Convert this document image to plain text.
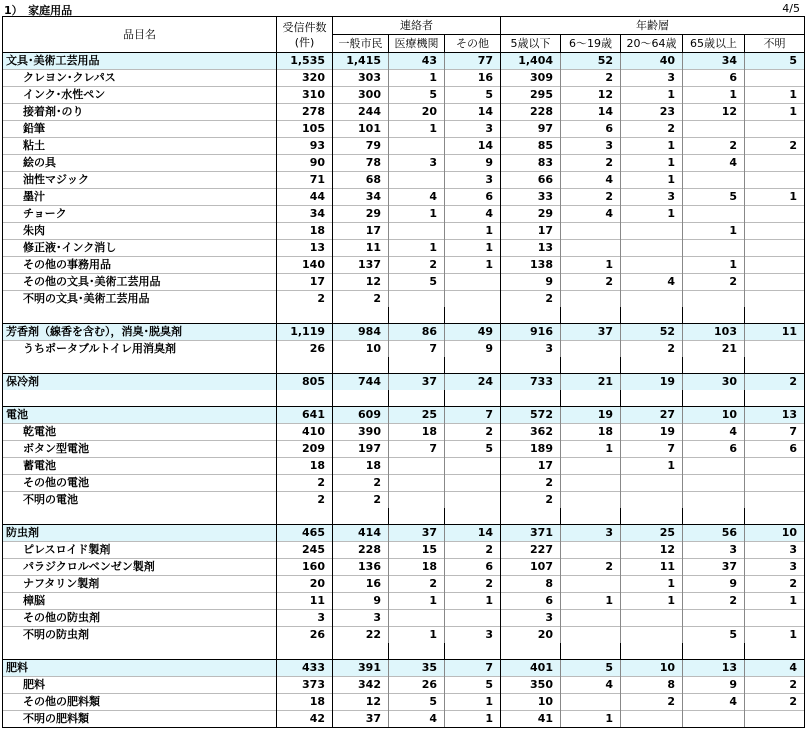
1）　家庭用品	4/5
品目名	受信件数
(件)	連絡者			年齢層				
		一般市民	医療機関	その他	5歳以下	6～19歳	20～64歳	65歳以上	不明
文具･美術工芸用品	1,535	1,415	43	77	1,404	52	40	34	5
クレヨン･クレパス	320	303	1	16	309	2	3	6	
インク･水性ペン	310	300	5	5	295	12	1	1	1
接着剤･のり	278	244	20	14	228	14	23	12	1
鉛筆	105	101	1	3	97	6	2		
粘土	93	79		14	85	3	1	2	2
絵の具	90	78	3	9	83	2	1	4	
油性マジック	71	68		3	66	4	1		
墨汁	44	34	4	6	33	2	3	5	1
チョーク	34	29	1	4	29	4	1		
朱肉	18	17		1	17			1	
修正液･インク消し	13	11	1	1	13				
その他の事務用品	140	137	2	1	138	1		1	
その他の文具･美術工芸用品	17	12	5		9	2	4	2	
不明の文具･美術工芸用品	2	2			2				

芳香剤（線香を含む），消臭･脱臭剤	1,119	984	86	49	916	37	52	103	11
うちポータブルトイレ用消臭剤	26	10	7	9	3		2	21	

保冷剤	805	744	37	24	733	21	19	30	2

電池	641	609	25	7	572	19	27	10	13
乾電池	410	390	18	2	362	18	19	4	7
ボタン型電池	209	197	7	5	189	1	7	6	6
蓄電池	18	18			17		1		
その他の電池	2	2			2				
不明の電池	2	2			2				

防虫剤	465	414	37	14	371	3	25	56	10
ピレスロイド製剤	245	228	15	2	227		12	3	3
パラジクロルベンゼン製剤	160	136	18	6	107	2	11	37	3
ナフタリン製剤	20	16	2	2	8		1	9	2
樟脳	11	9	1	1	6	1	1	2	1
その他の防虫剤	3	3			3				
不明の防虫剤	26	22	1	3	20			5	1

肥料	433	391	35	7	401	5	10	13	4
肥料	373	342	26	5	350	4	8	9	2
その他の肥料類	18	12	5	1	10		2	4	2
不明の肥料類	42	37	4	1	41	1			
